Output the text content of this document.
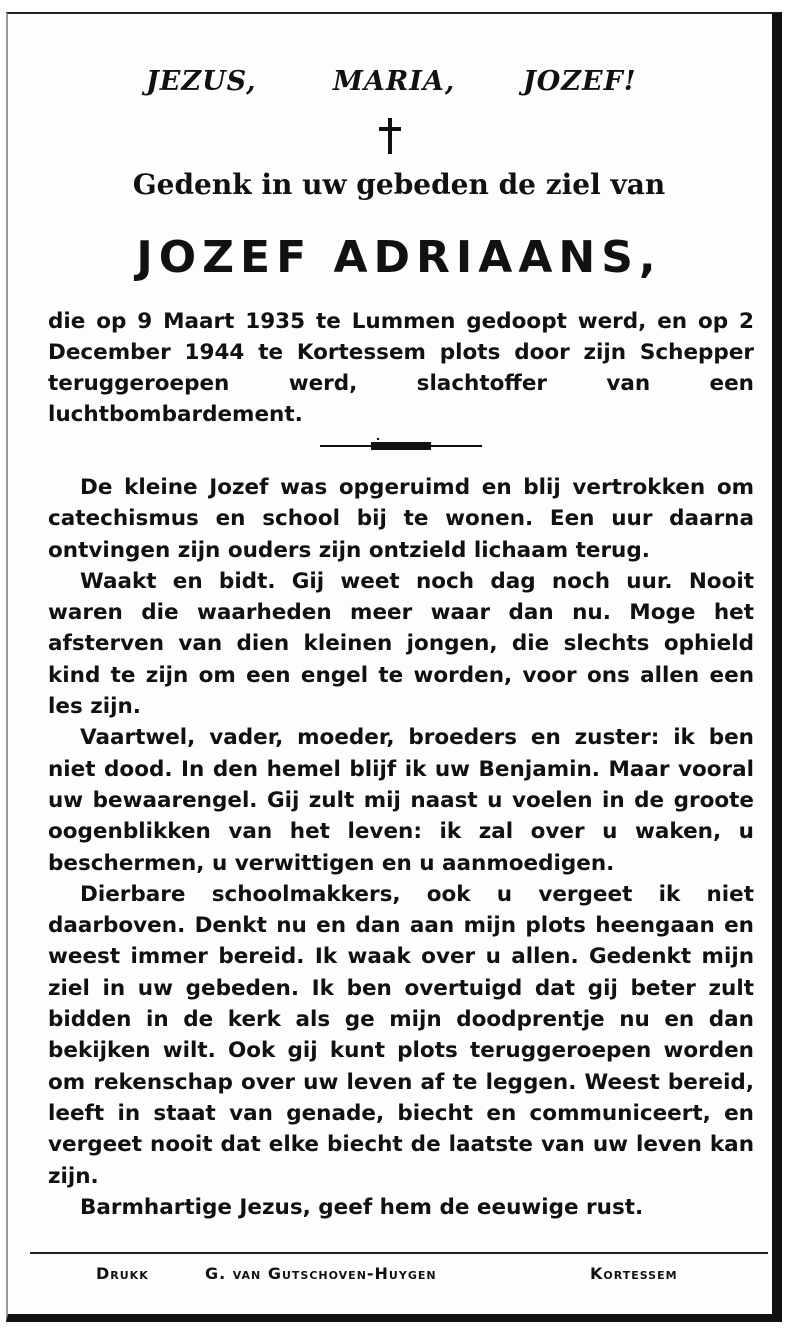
JEZUS,	MARIA,	JOZEF!
Gedenk in uw gebeden de ziel van
JOZEF ADRIAANS,

die op 9 Maart 1935 te Lummen gedoopt werd, en op 2 December 1944 te Kortessem plots door zijn Schepper teruggeroepen werd, slachtoffer van een luchtbombardement.

De kleine Jozef was opgeruimd en blij vertrokken om catechismus en school bij te wonen. Een uur daarna ontvingen zijn ouders zijn ontzield lichaam terug.

Waakt en bidt. Gij weet noch dag noch uur. Nooit waren die waarheden meer waar dan nu. Moge het afsterven van dien kleinen jongen, die slechts ophield kind te zijn om een engel te worden, voor ons allen een les zijn.

Vaartwel, vader, moeder, broeders en zuster: ik ben niet dood. In den hemel blijf ik uw Benjamin. Maar vooral uw bewaarengel. Gij zult mij naast u voelen in de groote oogenblikken van het leven: ik zal over u waken, u beschermen, u verwittigen en u aanmoedigen.

Dierbare schoolmakkers, ook u vergeet ik niet daarboven. Denkt nu en dan aan mijn plots heengaan en weest immer bereid. Ik waak over u allen. Gedenkt mijn ziel in uw gebeden. Ik ben overtuigd dat gij beter zult bidden in de kerk als ge mijn doodprentje nu en dan bekijken wilt. Ook gij kunt plots teruggeroepen worden om rekenschap over uw leven af te leggen. Weest bereid, leeft in staat van genade, biecht en communiceert, en vergeet nooit dat elke biecht de laatste van uw leven kan zijn.

Barmhartige Jezus, geef hem de eeuwige rust.

Drukk	G. van Gutschoven-Huygen	Kortessem
